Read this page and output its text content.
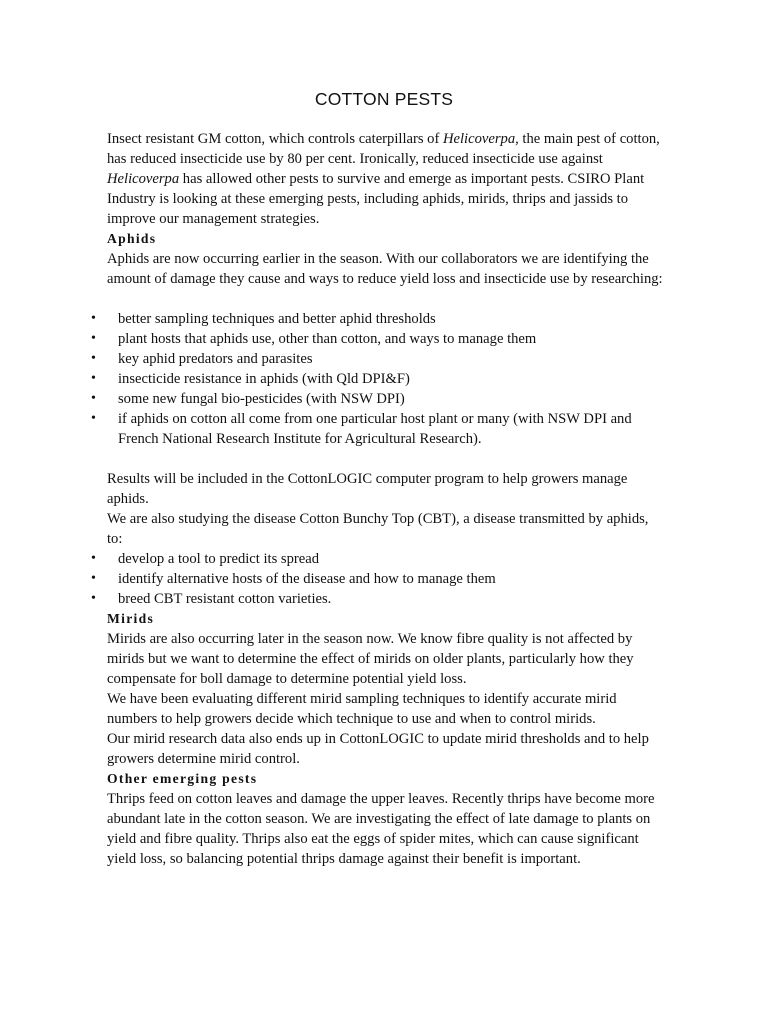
COTTON PESTS

Insect resistant GM cotton, which controls caterpillars of Helicoverpa, the main pest of cotton, has reduced insecticide use by 80 per cent. Ironically, reduced insecticide use against Helicoverpa has allowed other pests to survive and emerge as important pests. CSIRO Plant Industry is looking at these emerging pests, including aphids, mirids, thrips and jassids to improve our management strategies.

Aphids

Aphids are now occurring earlier in the season. With our collaborators we are identifying the amount of damage they cause and ways to reduce yield loss and insecticide use by researching:

• better sampling techniques and better aphid thresholds
• plant hosts that aphids use, other than cotton, and ways to manage them
• key aphid predators and parasites
• insecticide resistance in aphids (with Qld DPI&F)
• some new fungal bio-pesticides (with NSW DPI)
• if aphids on cotton all come from one particular host plant or many (with NSW DPI and French National Research Institute for Agricultural Research).

Results will be included in the CottonLOGIC computer program to help growers manage aphids.

We are also studying the disease Cotton Bunchy Top (CBT), a disease transmitted by aphids, to:

• develop a tool to predict its spread
• identify alternative hosts of the disease and how to manage them
• breed CBT resistant cotton varieties.
Mirids

Mirids are also occurring later in the season now. We know fibre quality is not affected by mirids but we want to determine the effect of mirids on older plants, particularly how they compensate for boll damage to determine potential yield loss.

We have been evaluating different mirid sampling techniques to identify accurate mirid numbers to help growers decide which technique to use and when to control mirids.

Our mirid research data also ends up in CottonLOGIC to update mirid thresholds and to help growers determine mirid control.

Other emerging pests

Thrips feed on cotton leaves and damage the upper leaves. Recently thrips have become more abundant late in the cotton season. We are investigating the effect of late damage to plants on yield and fibre quality. Thrips also eat the eggs of spider mites, which can cause significant yield loss, so balancing potential thrips damage against their benefit is important.
